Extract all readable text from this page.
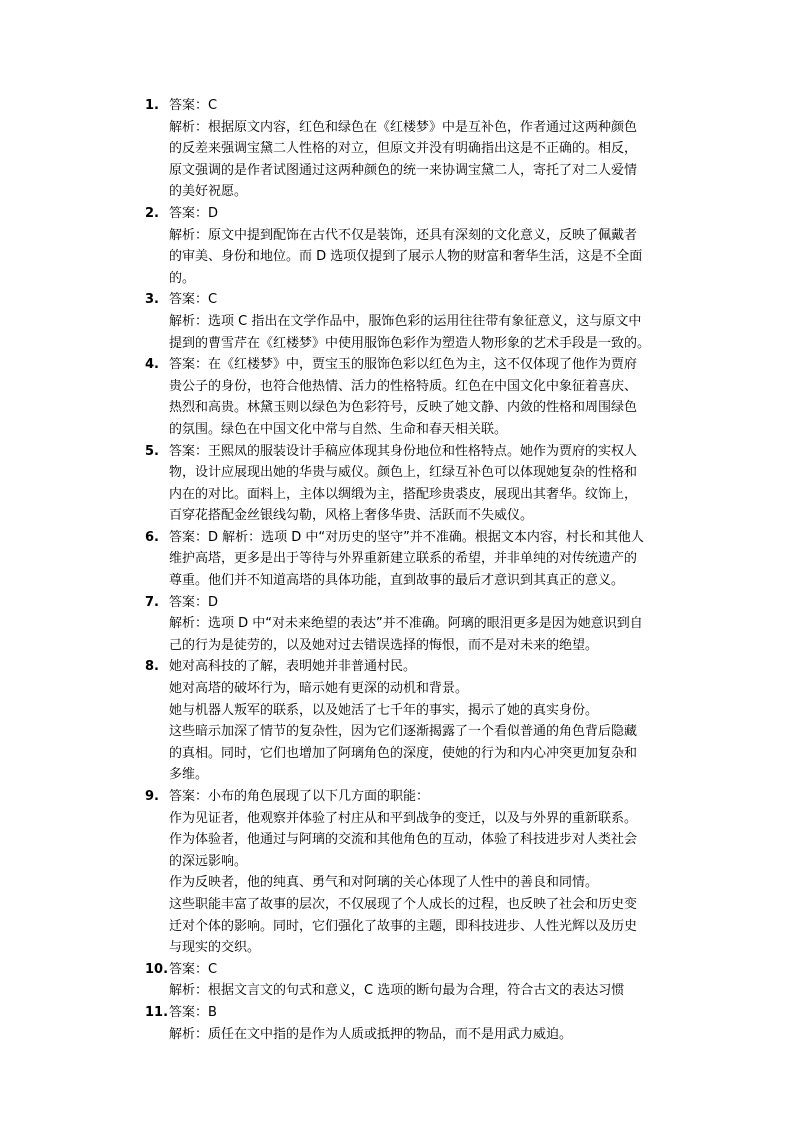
1. 答案：C
解析：根据原文内容，红色和绿色在《红楼梦》中是互补色，作者通过这两种颜色
的反差来强调宝黛二人性格的对立，但原文并没有明确指出这是不正确的。相反，
原文强调的是作者试图通过这两种颜色的统一来协调宝黛二人，寄托了对二人爱情
的美好祝愿。
2. 答案：D
解析：原文中提到配饰在古代不仅是装饰，还具有深刻的文化意义，反映了佩戴者
的审美、身份和地位。而 D 选项仅提到了展示人物的财富和奢华生活，这是不全面
的。
3. 答案：C
解析：选项 C 指出在文学作品中，服饰色彩的运用往往带有象征意义，这与原文中
提到的曹雪芹在《红楼梦》中使用服饰色彩作为塑造人物形象的艺术手段是一致的。
4. 答案：在《红楼梦》中，贾宝玉的服饰色彩以红色为主，这不仅体现了他作为贾府
贵公子的身份，也符合他热情、活力的性格特质。红色在中国文化中象征着喜庆、
热烈和高贵。林黛玉则以绿色为色彩符号，反映了她文静、内敛的性格和周围绿色
的氛围。绿色在中国文化中常与自然、生命和春天相关联。
5. 答案：王熙凤的服装设计手稿应体现其身份地位和性格特点。她作为贾府的实权人
物，设计应展现出她的华贵与威仪。颜色上，红绿互补色可以体现她复杂的性格和
内在的对比。面料上，主体以绸缎为主，搭配珍贵裘皮，展现出其奢华。纹饰上，
百穿花搭配金丝银线勾勒，风格上奢侈华贵、活跃而不失威仪。
6. 答案：D 解析：选项 D 中“对历史的坚守”并不准确。根据文本内容，村长和其他人
维护高塔，更多是出于等待与外界重新建立联系的希望，并非单纯的对传统遗产的
尊重。他们并不知道高塔的具体功能，直到故事的最后才意识到其真正的意义。
7. 答案：D
解析：选项 D 中“对未来绝望的表达”并不准确。阿璃的眼泪更多是因为她意识到自
己的行为是徒劳的，以及她对过去错误选择的悔恨，而不是对未来的绝望。
8. 她对高科技的了解，表明她并非普通村民。
她对高塔的破坏行为，暗示她有更深的动机和背景。
她与机器人叛军的联系，以及她活了七千年的事实，揭示了她的真实身份。
这些暗示加深了情节的复杂性，因为它们逐渐揭露了一个看似普通的角色背后隐藏
的真相。同时，它们也增加了阿璃角色的深度，使她的行为和内心冲突更加复杂和
多维。
9. 答案：小布的角色展现了以下几方面的职能：
作为见证者，他观察并体验了村庄从和平到战争的变迁，以及与外界的重新联系。
作为体验者，他通过与阿璃的交流和其他角色的互动，体验了科技进步对人类社会
的深远影响。
作为反映者，他的纯真、勇气和对阿璃的关心体现了人性中的善良和同情。
这些职能丰富了故事的层次，不仅展现了个人成长的过程，也反映了社会和历史变
迁对个体的影响。同时，它们强化了故事的主题，即科技进步、人性光辉以及历史
与现实的交织。
10. 答案：C
解析：根据文言文的句式和意义，C 选项的断句最为合理，符合古文的表达习惯
11. 答案：B
解析：质任在文中指的是作为人质或抵押的物品，而不是用武力威迫。
